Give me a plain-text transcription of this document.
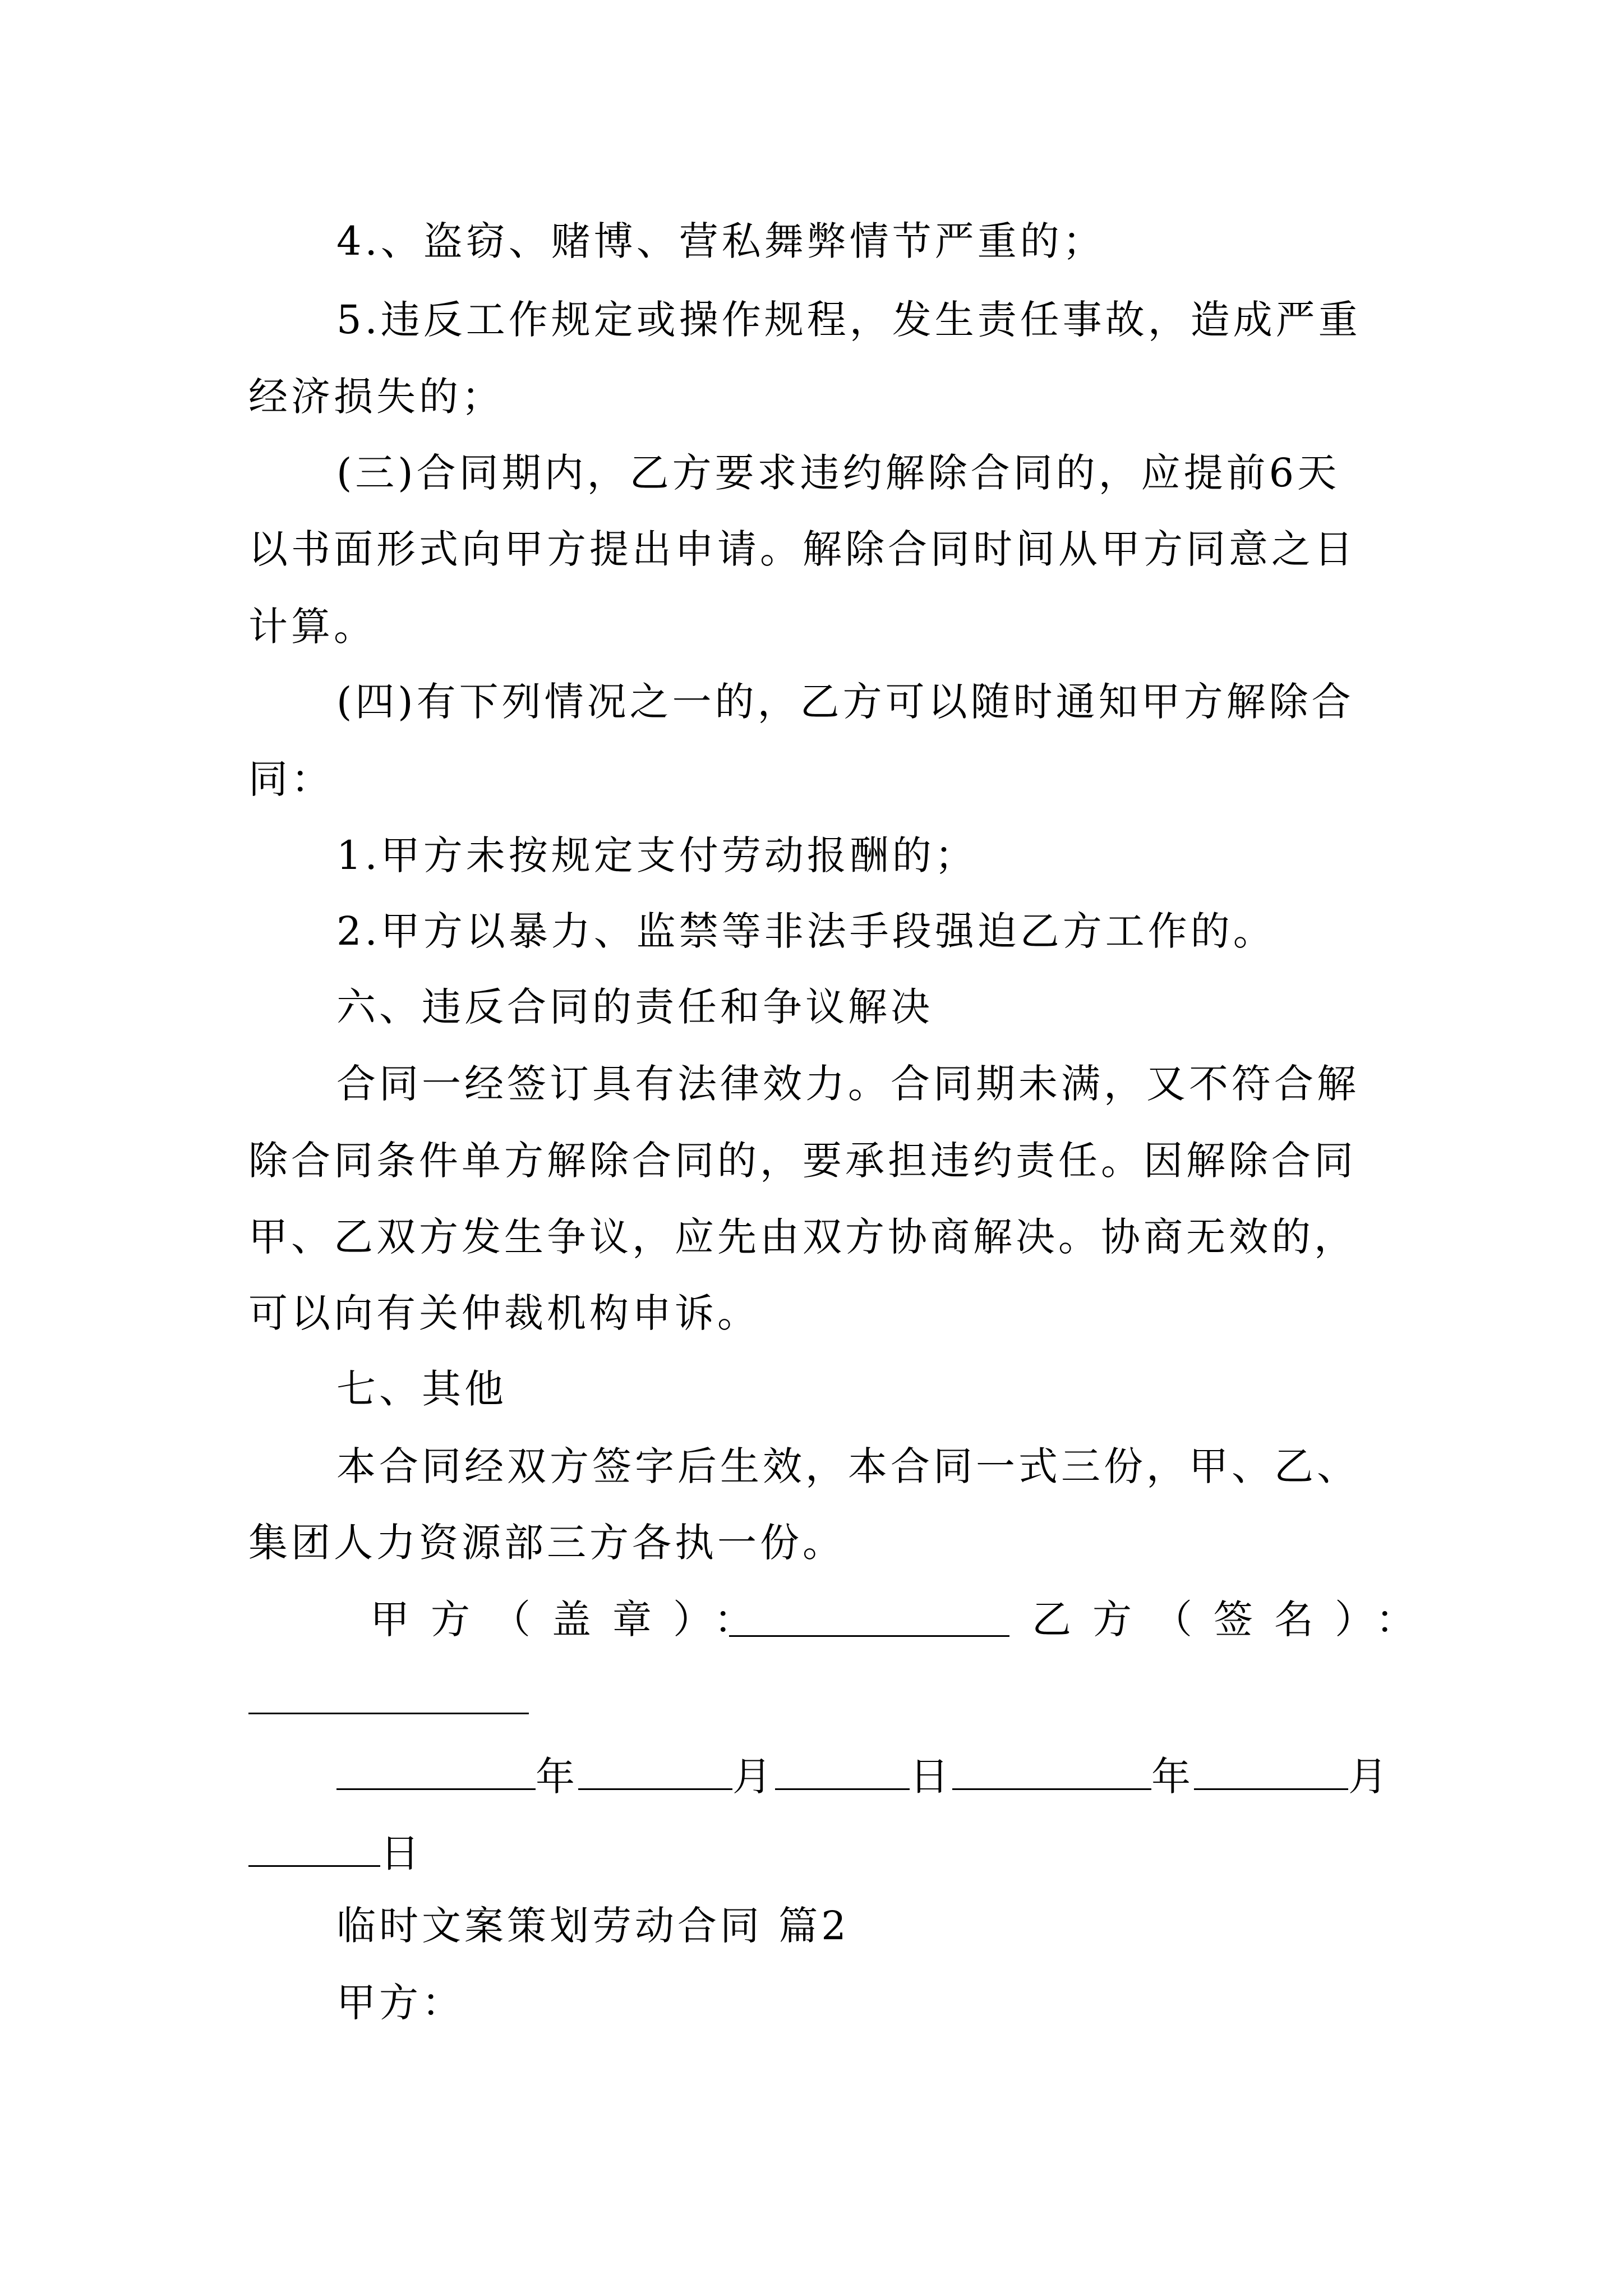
4.、盗窃、赌博、营私舞弊情节严重的；
5.违反工作规定或操作规程，发生责任事故，造成严重
经济损失的；
(三)合同期内，乙方要求违约解除合同的，应提前6天
以书面形式向甲方提出申请。解除合同时间从甲方同意之日
计算。
(四)有下列情况之一的，乙方可以随时通知甲方解除合
同：
1.甲方未按规定支付劳动报酬的；
2.甲方以暴力、监禁等非法手段强迫乙方工作的。
六、违反合同的责任和争议解决
合同一经签订具有法律效力。合同期未满，又不符合解
除合同条件单方解除合同的，要承担违约责任。因解除合同
甲、乙双方发生争议，应先由双方协商解决。协商无效的，
可以向有关仲裁机构申诉。
七、其他
本合同经双方签字后生效，本合同一式三份，甲、乙、
集团人力资源部三方各执一份。
甲方（盖章）：	乙方（签名）：
年	月	日	年	月
日
临时文案策划劳动合同 篇2
甲方：
